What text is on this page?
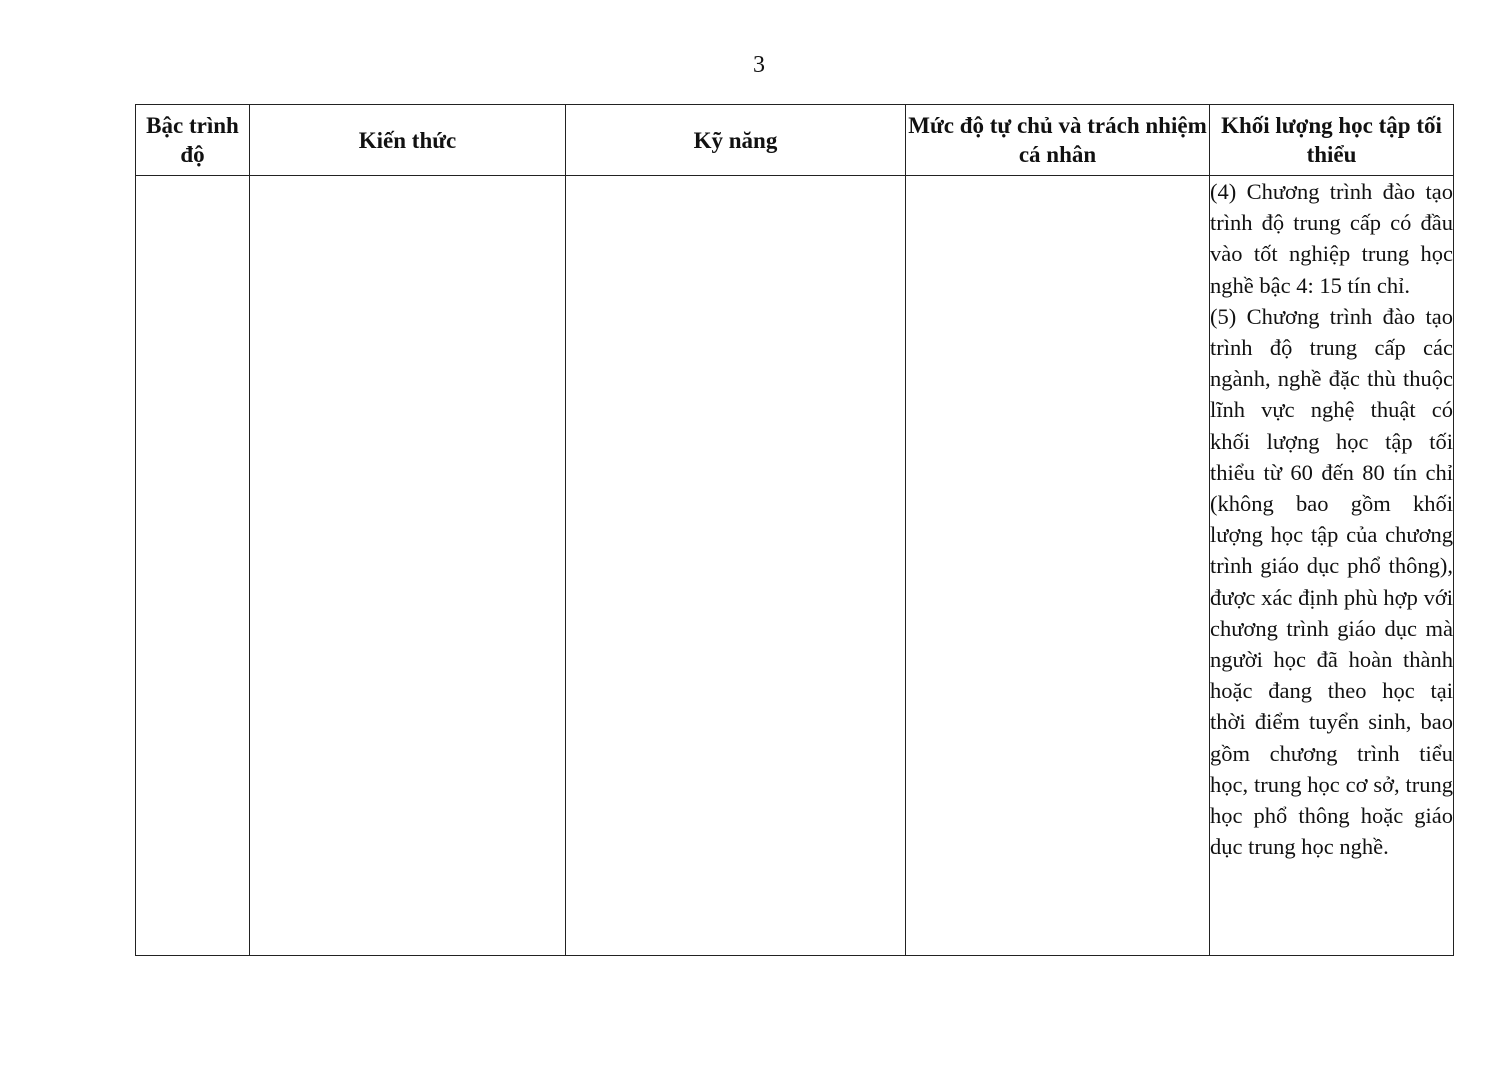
3
Bậc trình độ	Kiến thức	Kỹ năng	Mức độ tự chủ và trách nhiệm cá nhân	Khối lượng học tập tối thiểu

				(4) Chương trình đào tạo trình độ trung cấp có đầu vào tốt nghiệp trung học nghề bậc 4: 15 tín chỉ.

(5) Chương trình đào tạo trình độ trung cấp các ngành, nghề đặc thù thuộc lĩnh vực nghệ thuật có khối lượng học tập tối thiểu từ 60 đến 80 tín chỉ (không bao gồm khối lượng học tập của chương trình giáo dục phổ thông), được xác định phù hợp với chương trình giáo dục mà người học đã hoàn thành hoặc đang theo học tại thời điểm tuyển sinh, bao gồm chương trình tiểu học, trung học cơ sở, trung học phổ thông hoặc giáo dục trung học nghề.
